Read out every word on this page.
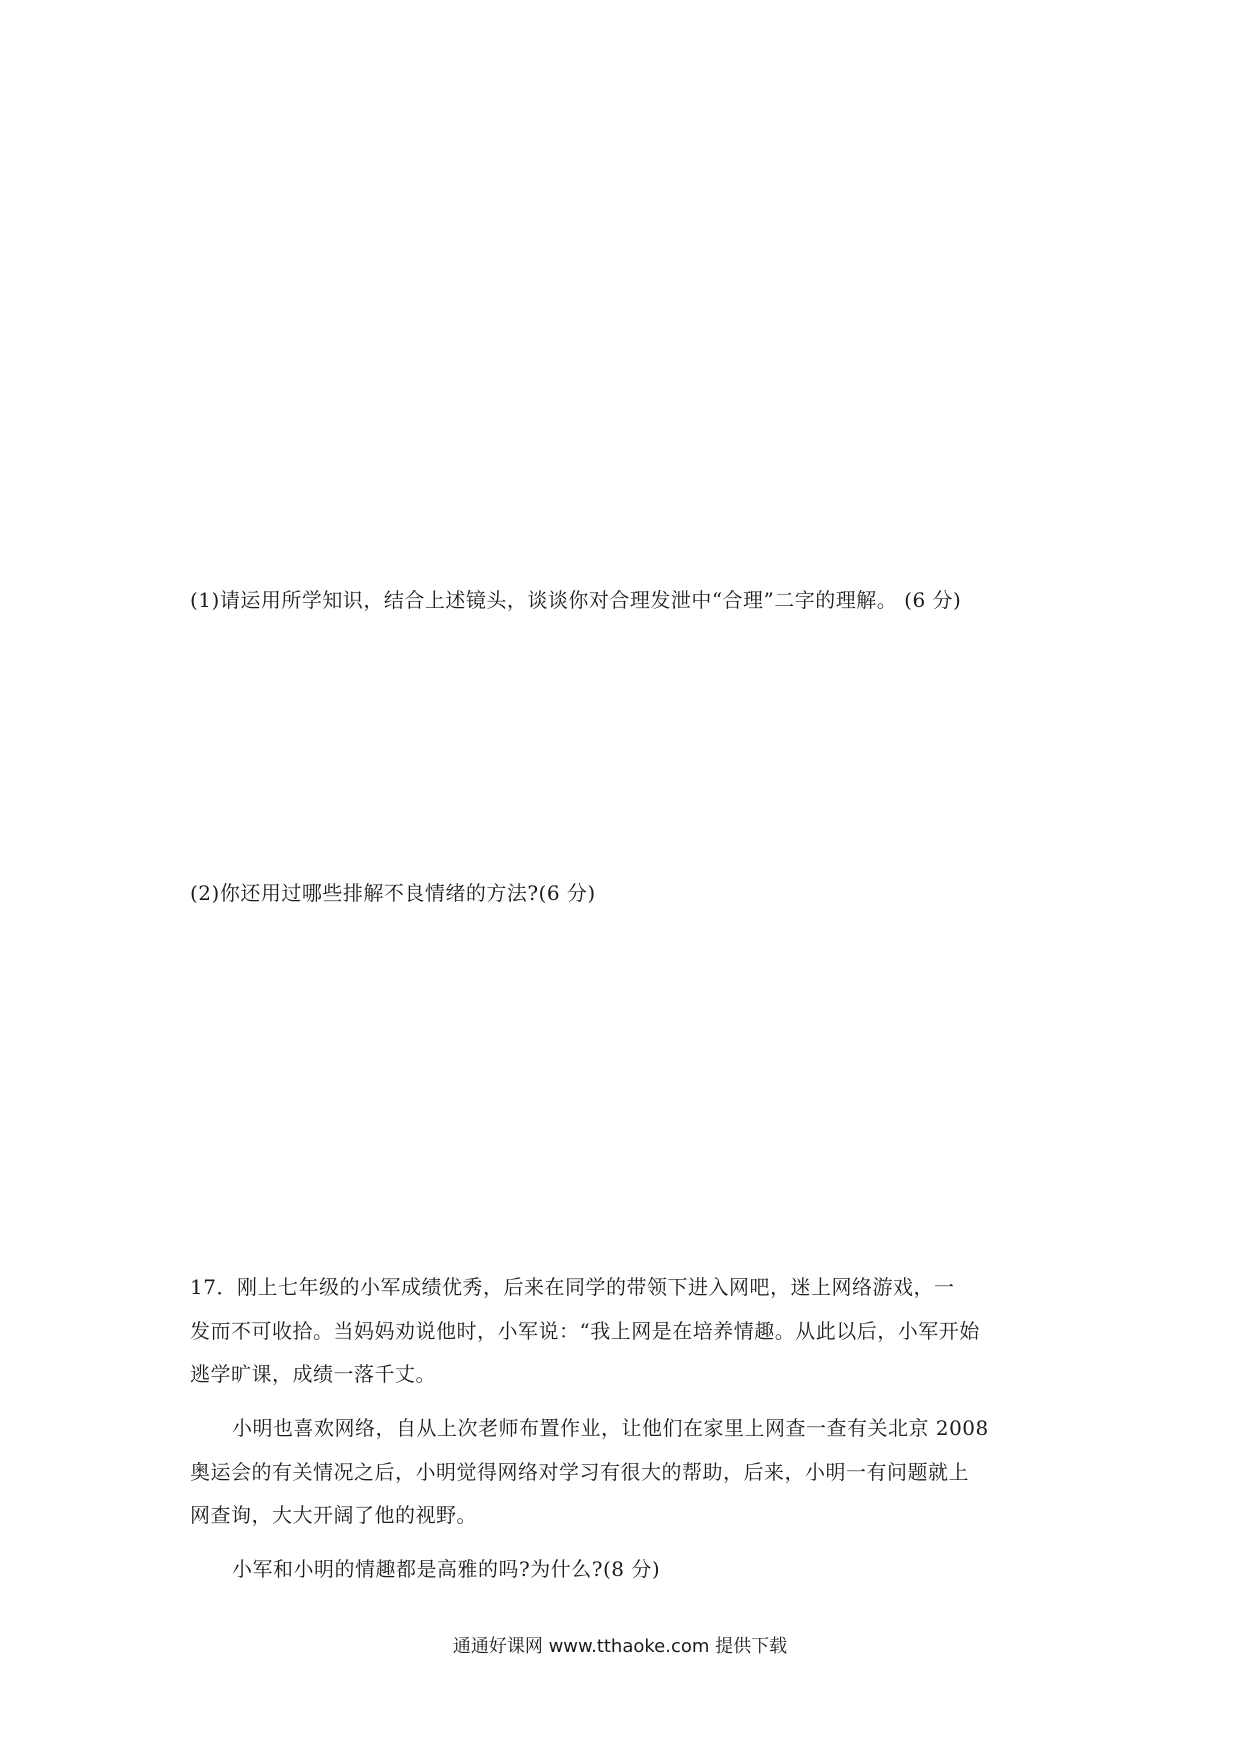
(1)请运用所学知识，结合上述镜头，谈谈你对合理发泄中“合理”二字的理解。 (6 分)
(2)你还用过哪些排解不良情绪的方法?(6 分)
17．刚上七年级的小军成绩优秀，后来在同学的带领下进入网吧，迷上网络游戏，一
发而不可收拾。当妈妈劝说他时，小军说：“我上网是在培养情趣。从此以后，小军开始
逃学旷课，成绩一落千丈。
小明也喜欢网络，自从上次老师布置作业，让他们在家里上网查一查有关北京 2008
奥运会的有关情况之后，小明觉得网络对学习有很大的帮助，后来，小明一有问题就上
网查询，大大开阔了他的视野。
小军和小明的情趣都是高雅的吗?为什么?(8 分)
通通好课网 www.tthaoke.com 提供下载
